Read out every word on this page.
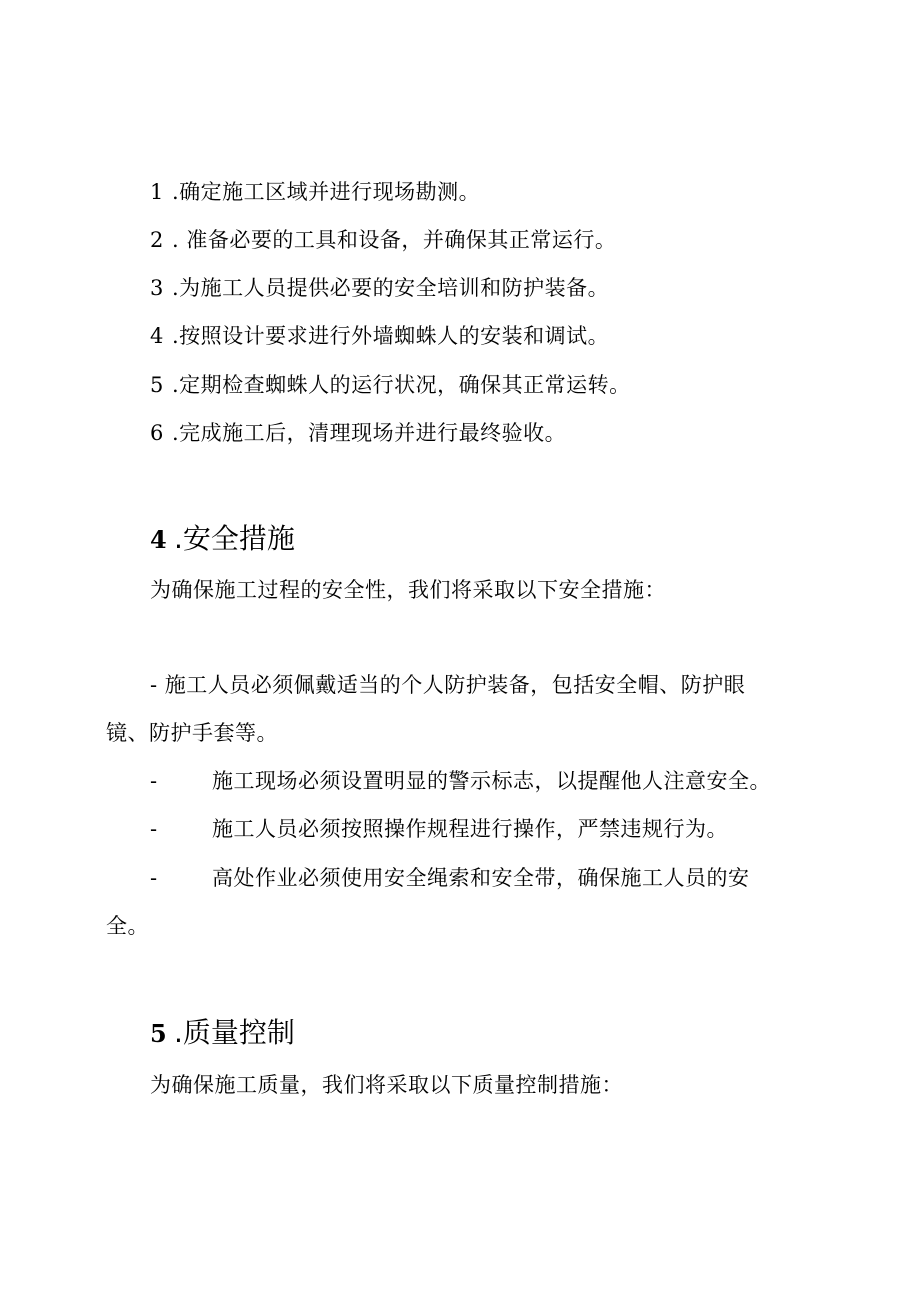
1 .确定施工区域并进行现场勘测。
2 . 准备必要的工具和设备，并确保其正常运行。
3 .为施工人员提供必要的安全培训和防护装备。
4 .按照设计要求进行外墙蜘蛛人的安装和调试。
5 .定期检查蜘蛛人的运行状况，确保其正常运转。
6 .完成施工后，清理现场并进行最终验收。
4 .安全措施
为确保施工过程的安全性，我们将采取以下安全措施：
- 施工人员必须佩戴适当的个人防护装备，包括安全帽、防护眼
镜、防护手套等。
-	施工现场必须设置明显的警示标志，以提醒他人注意安全。
-	施工人员必须按照操作规程进行操作，严禁违规行为。
-	高处作业必须使用安全绳索和安全带，确保施工人员的安
全。
5 .质量控制
为确保施工质量，我们将采取以下质量控制措施：
